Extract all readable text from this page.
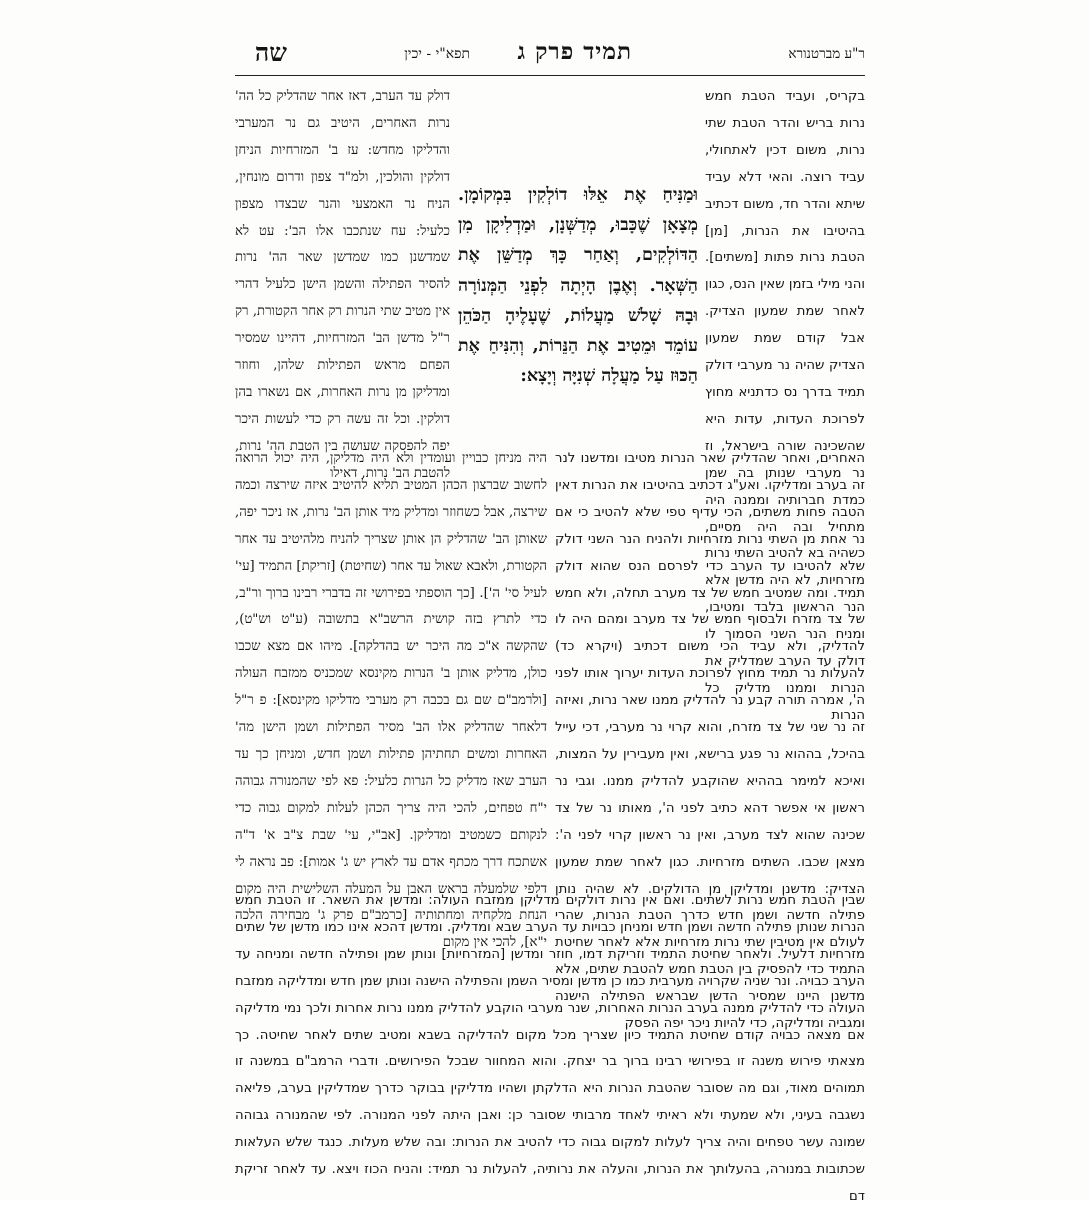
ר"ע מברטנורא
תמיד פרק ג
תפא"י - יכין
שה

בקריס, ועביד הטבת חמש נרות בריש והדר הטבת שתי נרות, משום דכין לאתחולי, עביד רוצה. והאי דלא עביד שיתא והדר חד, משום דכתיב בהיטיבו את הנרות, [מן] הטבת נרות פתות [משתים]. והני מילי בזמן שאין הנס, כגון לאחר שמת שמעון הצדיק. אבל קודם שמת שמעון הצדיק שהיה נר מערבי דולק תמיד בדרך נס כדתניא מחוץ לפרוכת העדות, עדות היא שהשכינה שורה בישראל, וז נר מערבי שנותן בה שמן כמדת חברותיה וממנה היה מתחיל ובה היה מסיים, כשהיה בא להטיב השתי נרות מזרחיות, לא היה מדשן אלא הנר הראשון בלבד ומטיבו, ומניח הנר השני הסמוך לו דולק עד הערב שמדליק את הנרות וממנו מדליק כל הנרות

וּמַנִּיחַ אֶת אֵלּוּ דוֹלְקִין בִּמְקוֹמָן. מְצָאָן שֶׁכָּבוּ, מְדַשְּׁנָן, וּמַדְלִיקָן מִן הַדּוֹלְקִים, וְאַחַר כָּךְ מְדַשֵּׁן אֶת הַשְּׁאָר. וְאֶבֶן הָיְתָה לִפְנֵי הַמְּנוֹרָה וּבָהּ שָׁלֹשׁ מַעֲלוֹת, שֶׁעָלֶיהָ הַכֹּהֵן עוֹמֵד וּמֵטִיב אֶת הַנֵּרוֹת, וְהִנִּיחַ אֶת הַכּוּז עַל מַעֲלָה שְׁנִיָּה וְיָצָא:

דולק עד הערב, דאז אחר שהדליק כל הה' נרות האחרים, היטיב גם נר המערבי והדליקו מחדש: עז ב' המזרחיות הניחן דולקין והולכין, ולמ"ד צפון ודרום מונחין, הניח נר האמצעי והנר שבצדו מצפון כלעיל: עח שנתכבו אלו הב': עט לא שמדשנן כמו שמדשן שאר הה' נרות להסיר הפתילה והשמן הישן כלעיל דהרי אין מטיב שתי הנרות רק אחר הקטורת, רק ר"ל מדשן הב' המזרחיות, דהיינו שמסיר הפחם מראש הפתילות שלהן, וחוזר ומדליקן מן נרות האחרות, אם נשארו בהן דולקין. וכל זה עשה רק כדי לעשות היכר יפה להפסקה שעושה בין הטבת הה' נרות, להטבת הב' נרות, דאילו

האחרים, ואחר שהדליק שאר הנרות מטיבו ומדשנו לנר זה בערב ומדליקו. ואע"ג דכתיב בהיטיבו את הנרות דאין הטבה פחות משתים, הכי עדיף טפי שלא להטיב כי אם נר אחת מן השתי נרות מזרחיות ולהניח הנר השני דולק שלא להטיבו עד הערב כדי לפרסם הנס שהוא דולק תמיד. ומה שמטיב חמש של צד מערב תחלה, ולא חמש של צד מזרח ולבסוף חמש של צד מערב ומהם היה לו להדליק, ולא עביד הכי משום דכתיב (ויקרא כד) להעלות נר תמיד מחוץ לפרוכת העדות יערוך אותו לפני ה', אמרה תורה קבע נר להדליק ממנו שאר נרות, ואיזה זה נר שני של צד מזרח, והוא קרוי נר מערבי, דכי עייל בהיכל, בההוא נר פגע ברישא, ואין מעבירין על המצות, ואיכא למימר בההיא שהוקבע להדליק ממנו. וגבי נר ראשון אי אפשר דהא כתיב לפני ה', מאותו נר של צד שכינה שהוא לצד מערב, ואין נר ראשון קרוי לפני ה': מצאן שכבו. השתים מזרחיות. כגון לאחר שמת שמעון הצדיק: מדשנן ומדליקן מן הדולקים. לא שהיה נותן פתילה חדשה ושמן חדש כדרך הטבת הנרות, שהרי לעולם אין מטיבין שתי נרות מזרחיות אלא לאחר שחיטת התמיד כדי להפסיק בין הטבת חמש להטבת שתים, אלא מדשנן היינו שמסיר הדשן שבראש הפתילה הישנה ומגביה ומדליקה, כדי להיות ניכר יפה הפסק

היה מניחן כבויין ועומדין ולא היה מדליקן, היה יכול הרואה לחשוב שברצון הכהן המטיב תליא להיטיב איזה שירצה וכמה שירצה, אבל כשחוזר ומדליק מיד אותן הב' נרות, אז ניכר יפה, שאותן הב' שהדליק הן אותן שצריך להניח מלהיטיב עד אחר הקטורת, ולאבא שאול עד אחר (שחיטת) [זריקת] התמיד [עי' לעיל סי' ה']. [כך הוספתי בפירושי זה בדברי רבינו ברוך ור"ב, כדי לתרץ בזה קושית הרשב"א בתשובה (ע"ט וש"ט), שהקשה א"כ מה היכר יש בהדלקה]. מיהו אם מצא שכבו כולן, מדליק אותן ב' הנרות מקינסא שמכניס ממזבח העולה [ולרמב"ם שם גם בכבה רק מערבי מדליקו מקינסא]: פ ר"ל דלאחר שהדליק אלו הב' מסיר הפתילות ושמן הישן מה' האחרות ומשים תחתיהן פתילות ושמן חדש, ומניחן כך עד הערב שאז מדליק כל הנרות כלעיל: פא לפי שהמנורה גבוהה י"ח טפחים, להכי היה צריך הכהן לעלות למקום גבוה כדי לנקותם כשמטיב ומדליקן. [אב"י, עי' שבת צ"ב א' ד"ה אשתכח דרך מכתף אדם עד לארץ יש ג' אמות]: פב נראה לי דלפי שלמעלה בראש האבן על המעלה השלישית היה מקום הנחת מלקחיה ומחתותיה [כרמב"ם פרק ג' מבחירה הלכה י"א], להכי אין מקום

שבין הטבת חמש נרות לשתים. ואם אין נרות דולקים מדליקן ממזבח העולה: ומדשן את השאר. זו הטבת חמש הנרות שנותן פתילה חדשה ושמן חדש ומניחן כבויות עד הערב שבא ומדליק. ומדשן דהכא אינו כמו מדשן של שתים מזרחיות דלעיל. ולאחר שחיטת התמיד וזריקת דמו, חוזר ומדשן [המזרחיות] ונותן שמן ופתילה חדשה ומניחה עד הערב כבויה. ונר שניה שקרויה מערבית כמו כן מדשן ומסיר השמן והפתילה הישנה ונותן שמן חדש ומדליקה ממזבח העולה כדי להדליק ממנה בערב הנרות האחרות, שנר מערבי הוקבע להדליק ממנו נרות אחרות ולכך נמי מדליקה אם מצאה כבויה קודם שחיטת התמיד כיון שצריך מכל מקום להדליקה בשבא ומטיב שתים לאחר שחיטה. כך מצאתי פירוש משנה זו בפירושי רבינו ברוך בר יצחק. והוא המחוור שבכל הפירושים. ודברי הרמב"ם במשנה זו תמוהים מאוד, וגם מה שסובר שהטבת הנרות היא הדלקתן ושהיו מדליקין בבוקר כדרך שמדליקין בערב, פליאה נשגבה בעיני, ולא שמעתי ולא ראיתי לאחד מרבותי שסובר כן: ואבן היתה לפני המנורה. לפי שהמנורה גבוהה שמונה עשר טפחים והיה צריך לעלות למקום גבוה כדי להטיב את הנרות: ובה שלש מעלות. כנגד שלש העלאות שכתובות במנורה, בהעלותך את הנרות, והעלה את נרותיה, להעלות נר תמיד: והניח הכוז ויצא. עד לאחר זריקת דם
